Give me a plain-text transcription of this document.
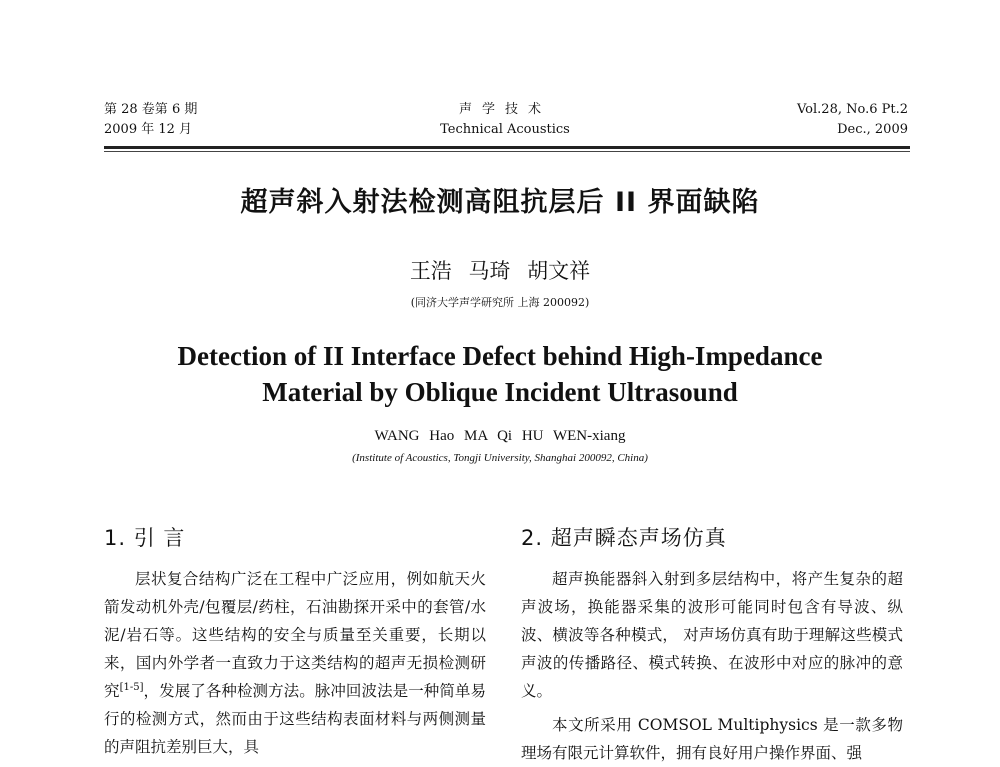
第 28 卷第 6 期
2009 年 12 月
声学技术
Technical Acoustics
Vol.28, No.6 Pt.2
Dec., 2009
超声斜入射法检测高阻抗层后 II 界面缺陷
王浩 马琦 胡文祥
(同济大学声学研究所 上海 200092)
Detection of II Interface Defect behind High-Impedance
Material by Oblique Incident Ultrasound
WANG Hao MA Qi HU WEN-xiang
(Institute of Acoustics, Tongji University, Shanghai 200092, China)
1. 引 言	2. 超声瞬态声场仿真

层状复合结构广泛在工程中广泛应用，例如航天火箭发动机外壳/包覆层/药柱，石油勘探开采中的套管/水泥/岩石等。这些结构的安全与质量至关重要，长期以来，国内外学者一直致力于这类结构的超声无损检测研究[1-5]，发展了各种检测方法。脉冲回波法是一种简单易行的检测方式，然而由于这些结构表面材料与两侧测量的声阻抗差别巨大，具

超声换能器斜入射到多层结构中，将产生复杂的超声波场，换能器采集的波形可能同时包含有导波、纵波、横波等各种模式， 对声场仿真有助于理解这些模式声波的传播路径、模式转换、在波形中对应的脉冲的意义。

本文所采用 COMSOL Multiphysics 是一款多物理场有限元计算软件，拥有良好用户操作界面、强
